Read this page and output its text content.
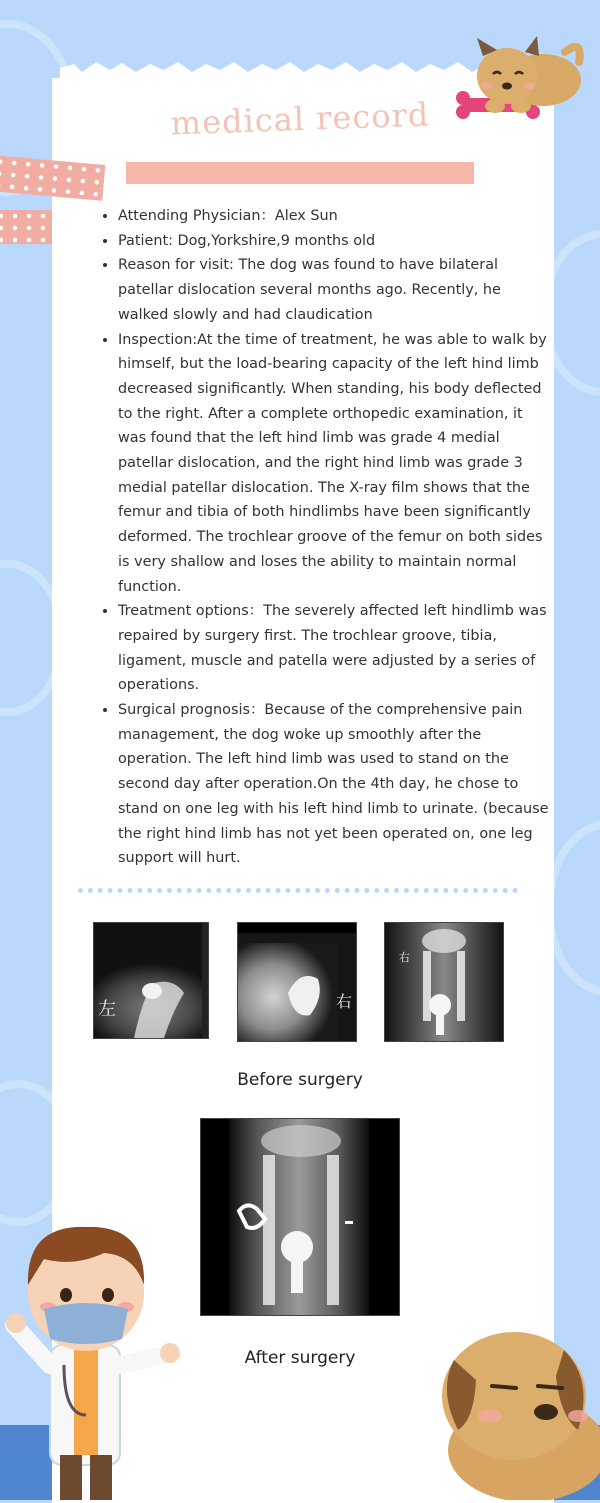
medical record
• Attending Physician：Alex Sun
• Patient: Dog,Yorkshire,9 months old
• Reason for visit: The dog was found to have bilateral patellar dislocation several months ago. Recently, he walked slowly and had claudication
• Inspection:At the time of treatment, he was able to walk by himself, but the load-bearing capacity of the left hind limb decreased significantly. When standing, his body deflected to the right. After a complete orthopedic examination, it was found that the left hind limb was grade 4 medial patellar dislocation, and the right hind limb was grade 3 medial patellar dislocation. The X-ray film shows that the femur and tibia of both hindlimbs have been significantly deformed. The trochlear groove of the femur on both sides is very shallow and loses the ability to maintain normal function.
• Treatment options：The severely affected left hindlimb was repaired by surgery first. The trochlear groove, tibia, ligament, muscle and patella were adjusted by a series of operations.
• Surgical prognosis：Because of the comprehensive pain management, the dog woke up smoothly after the operation. The left hind limb was used to stand on the second day after operation.On the 4th day, he chose to stand on one leg with his left hind limb to urinate. (because the right hind limb has not yet been operated on, one leg support will hurt.
左	右
右
Before surgery
After surgery
